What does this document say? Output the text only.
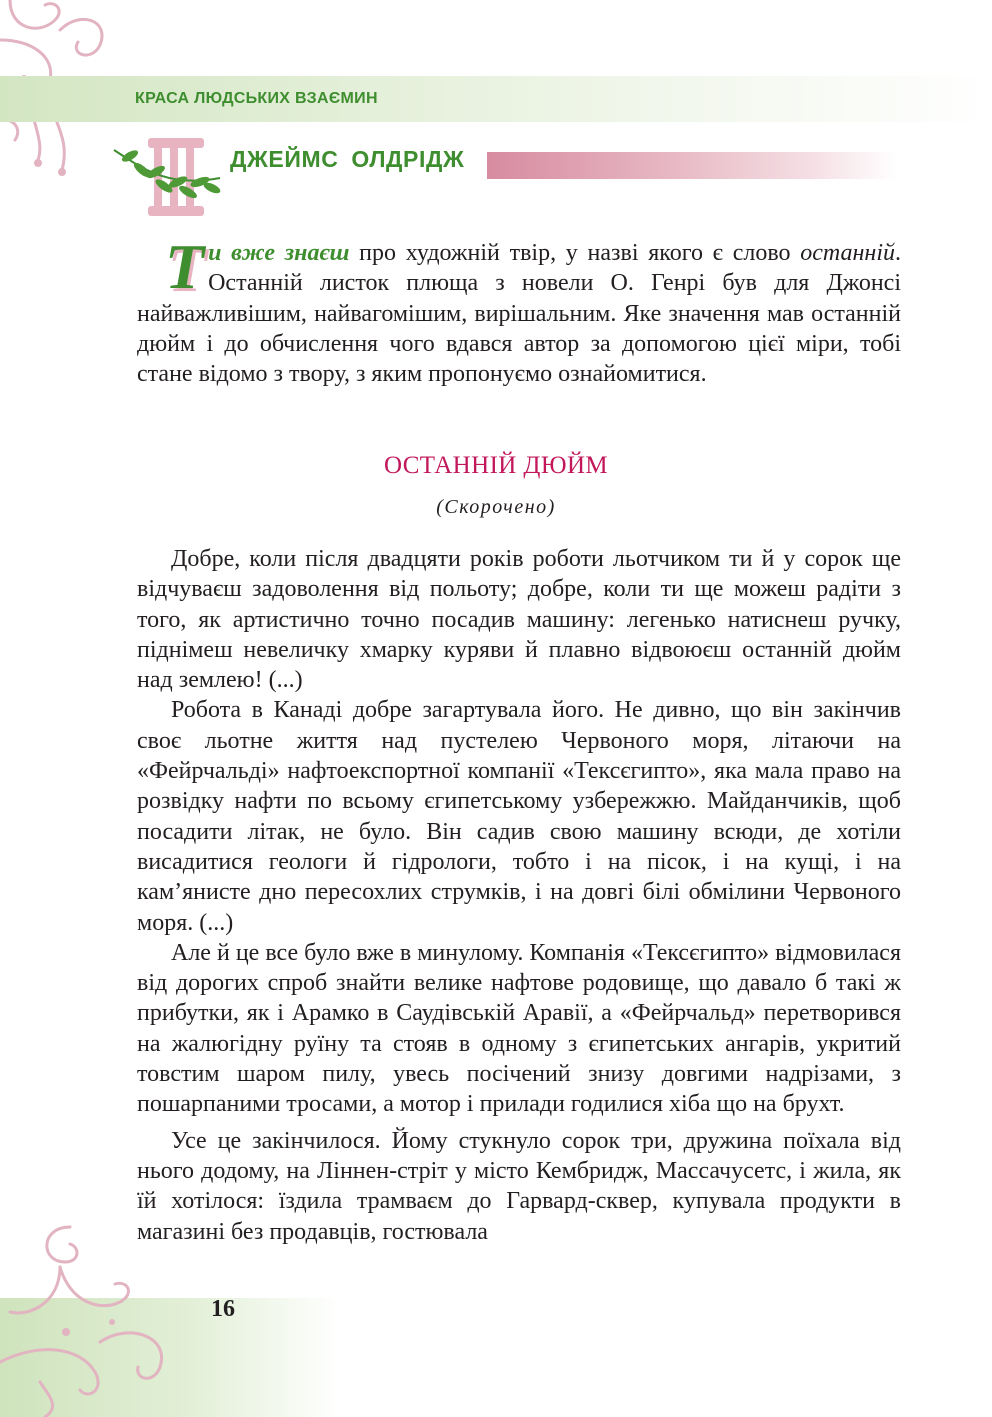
КРАСА ЛЮДСЬКИХ ВЗАЄМИН
ДЖЕЙМС ОЛДРІДЖ
Т и вже знаєш про художній твір, у назві якого є слово останній. Останній листок плюща з новели О. Генрі був для Джонсі найважливішим, найвагомішим, вирішальним. Яке значення мав останній дюйм і до обчислення чого вдався автор за допомогою цієї міри, тобі стане відомо з твору, з яким пропонуємо ознайомитися.

ОСТАННІЙ ДЮЙМ
(Скорочено)

Добре, коли після двадцяти років роботи льотчиком ти й у сорок ще відчуваєш задоволення від польоту; добре, коли ти ще можеш радіти з того, як артистично точно посадив машину: легенько натиснеш ручку, піднімеш невеличку хмарку куряви й плавно відвоюєш останній дюйм над землею! (...)

Робота в Канаді добре загартувала його. Не дивно, що він закінчив своє льотне життя над пустелею Червоного моря, літаючи на «Фейрчальді» нафтоекспортної компанії «Тексєгипто», яка мала право на розвідку нафти по всьому єгипетському узбережжю. Майданчиків, щоб посадити літак, не було. Він садив свою машину всюди, де хотіли висадитися геологи й гідрологи, тобто і на пісок, і на кущі, і на кам’янисте дно пересохлих струмків, і на довгі білі обмілини Червоного моря. (...)

Але й це все було вже в минулому. Компанія «Тексєгипто» відмовилася від дорогих спроб знайти велике нафтове родовище, що давало б такі ж прибутки, як і Арамко в Саудівській Аравії, а «Фейрчальд» перетворився на жалюгідну руїну та стояв в одному з єгипетських ангарів, укритий товстим шаром пилу, увесь посічений знизу довгими надрізами, з пошарпаними тросами, а мотор і прилади годилися хіба що на брухт.

Усе це закінчилося. Йому стукнуло сорок три, дружина поїхала від нього додому, на Ліннен-стріт у місто Кембридж, Массачусетс, і жила, як їй хотілося: їздила трамваєм до Гарвард-сквер, купувала продукти в магазині без продавців, гостювала

16
